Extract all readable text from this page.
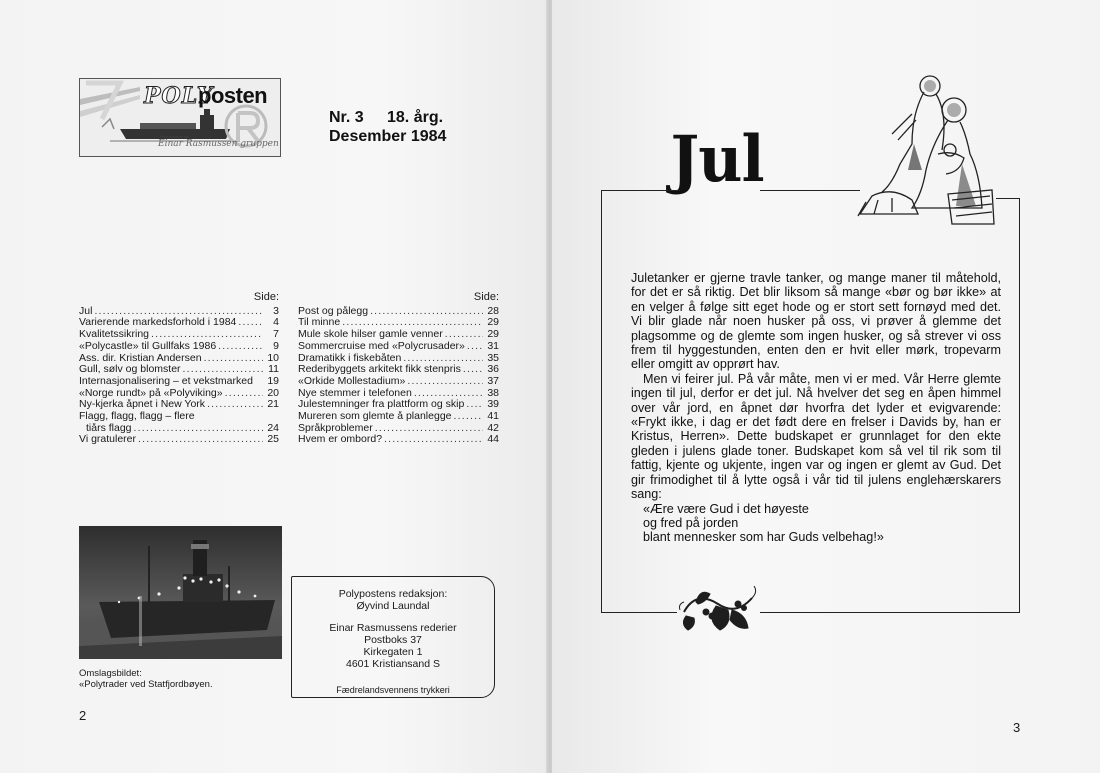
POLY
posten
Personalavis for:
Einar Rasmussen gruppen
Nr. 3 18. årg.
Desember 1984
Side:
Jul .....	3
Varierende markedsforhold i 1984 .....	4
Kvalitetssikring .....	7
«Polycastle» til Gullfaks 1986 .....	9
Ass. dir. Kristian Andersen .....	10
Gull, sølv og blomster .....	11
Internasjonalisering – et vekstmarked 19
«Norge rundt» på «Polyviking» .....	20
Ny-kjerka åpnet i New York .....	21
Flagg, flagg, flagg – flere
tiårs flagg .....	24
Vi gratulerer .....	25
Side:
Post og pålegg .....	28
Til minne .....	29
Mule skole hilser gamle venner .....	29
Sommercruise med «Polycrusader» ..... 31
Dramatikk i fiskebåten .....	35
Rederibyggets arkitekt fikk stenpris .....	36
«Orkide Mollestadium» .....	37
Nye stemmer i telefonen .....	38
Julestemninger fra plattform og skip ..... 39
Mureren som glemte å planlegge .....	41
Språkproblemer .....	42
Hvem er ombord? .....	44
Omslagsbildet:
«Polytrader ved Statfjordbøyen.
Polypostens redaksjon:
Øyvind Laundal
Einar Rasmussens rederier
Postboks 37
Kirkegaten 1
4601 Kristiansand S
Fædrelandsvennens trykkeri
2
Jul

Juletanker er gjerne travle tanker, og mange maner til måtehold, for det er så riktig. Det blir liksom så mange «bør og bør ikke» at en velger å følge sitt eget hode og er stort sett fornøyd med det. Vi blir glade når noen husker på oss, vi prøver å glemme det plagsomme og de glemte som ingen husker, og så strever vi oss frem til hyggestunden, enten den er hvit eller mørk, tropevarm eller omgitt av opprørt hav.

Men vi feirer jul. På vår måte, men vi er med. Vår Herre glemte ingen til jul, derfor er det jul. Nå hvelver det seg en åpen himmel over vår jord, en åpnet dør hvorfra det lyder et evigvarende: «Frykt ikke, i dag er det født dere en frelser i Davids by, han er Kristus, Herren». Dette budskapet er grunnlaget for den ekte gleden i julens glade toner. Budskapet kom så vel til rik som til fattig, kjente og ukjente, ingen var og ingen er glemt av Gud. Det gir frimodighet til å lytte også i vår tid til julens englehærskarers sang:

«Ære være Gud i det høyeste

og fred på jorden

blant mennesker som har Guds velbehag!»

3
